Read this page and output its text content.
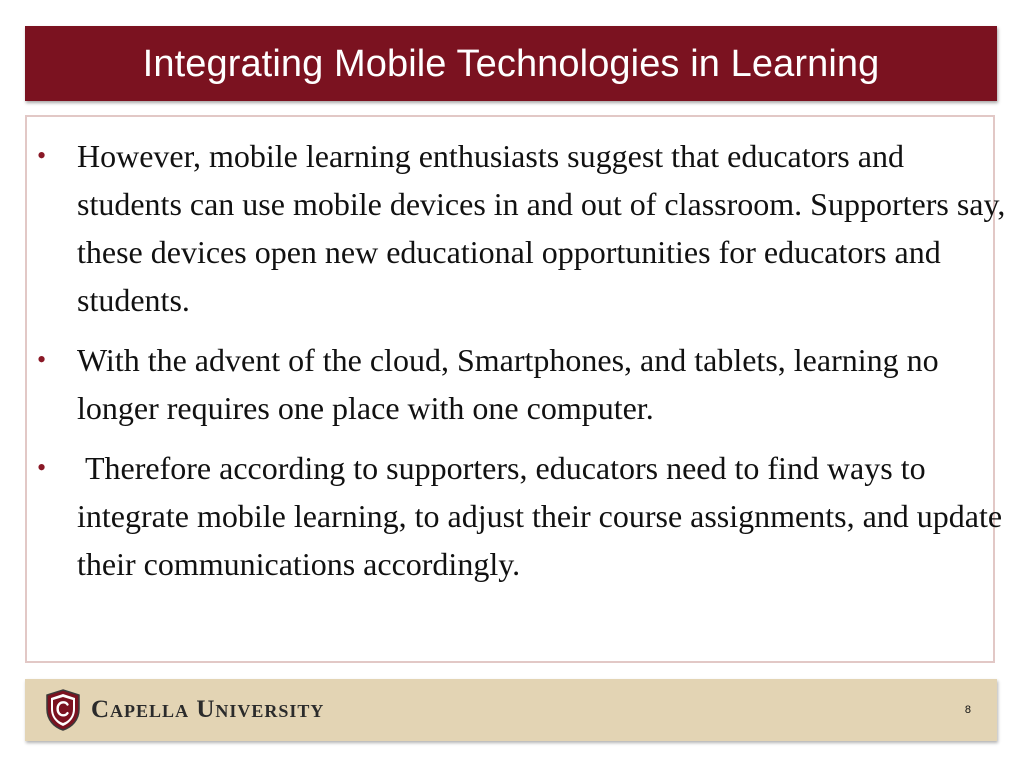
Integrating Mobile Technologies in Learning
• However, mobile learning enthusiasts suggest that educators and students can use mobile devices in and out of classroom. Supporters say, these devices open new educational opportunities for educators and students.
• With the advent of the cloud, Smartphones, and tablets, learning no longer requires one place with one computer.
• Therefore according to supporters, educators need to find ways to integrate mobile learning, to adjust their course assignments, and update their communications accordingly.
Capella University	8
